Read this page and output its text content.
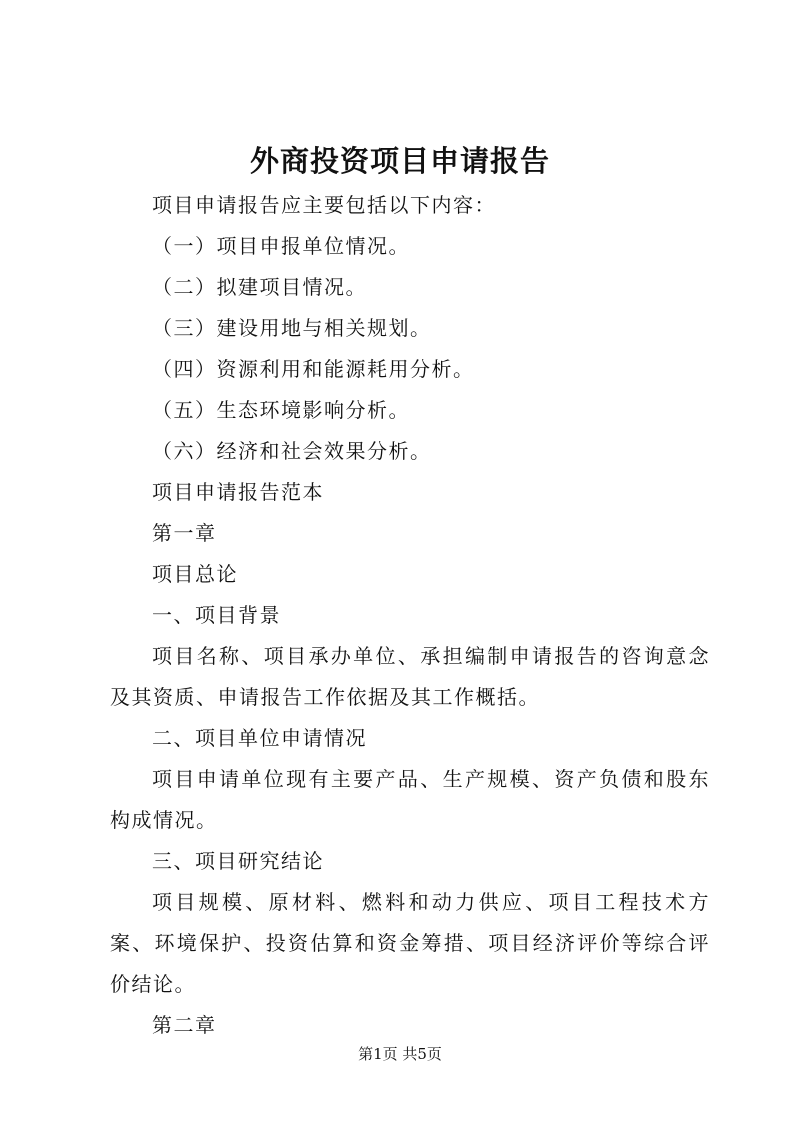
外商投资项目申请报告

项目申请报告应主要包括以下内容：

（一）项目申报单位情况。

（二）拟建项目情况。

（三）建设用地与相关规划。

（四）资源利用和能源耗用分析。

（五）生态环境影响分析。

（六）经济和社会效果分析。

项目申请报告范本

第一章

项目总论

一、项目背景

项目名称、项目承办单位、承担编制申请报告的咨询意念及其资质、申请报告工作依据及其工作概括。

二、项目单位申请情况

项目申请单位现有主要产品、生产规模、资产负债和股东构成情况。

三、项目研究结论

项目规模、原材料、燃料和动力供应、项目工程技术方案、环境保护、投资估算和资金筹措、项目经济评价等综合评价结论。

第二章

第1页 共5页
